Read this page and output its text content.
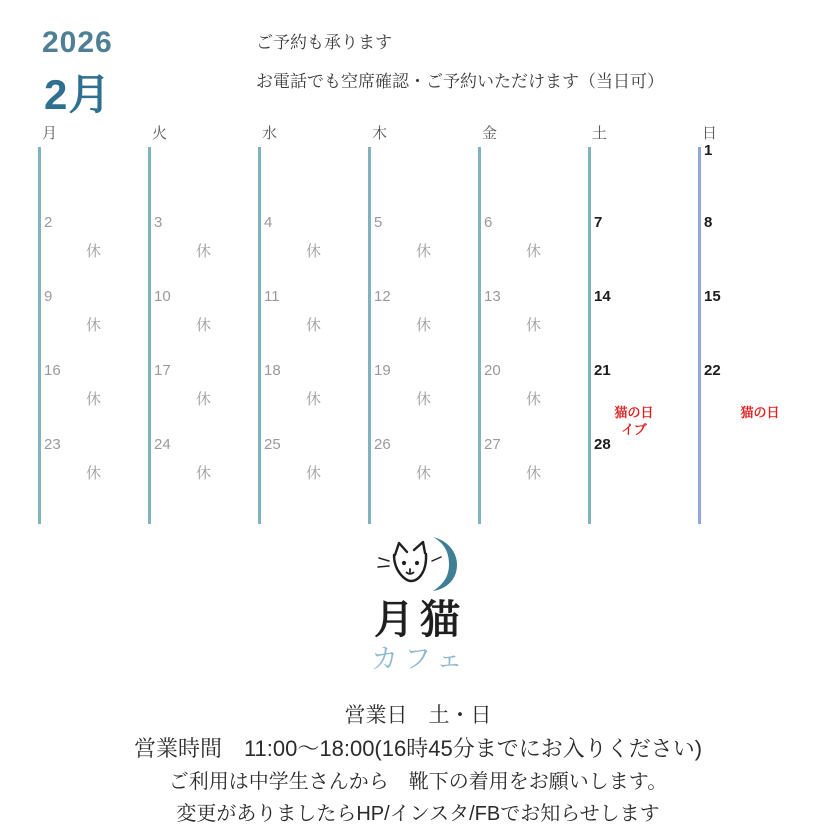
2026
2月
ご予約も承ります
お電話でも空席確認・ご予約いただけます（当日可）
月
2
休
9
休
16
休
23
休
火
3
休
10
休
17
休
24
休
水
4
休
11
休
18
休
25
休
木
5
休
12
休
19
休
26
休
金
6
休
13
休
20
休
27
休
土
7
14
21
猫の日
イブ
28
日
1
8
15
22
猫の日
月猫
カフェ
営業日　土・日
営業時間　11:00〜18:00(16時45分までにお入りください)
ご利用は中学生さんから　靴下の着用をお願いします。
変更がありましたらHP/インスタ/FBでお知らせします
